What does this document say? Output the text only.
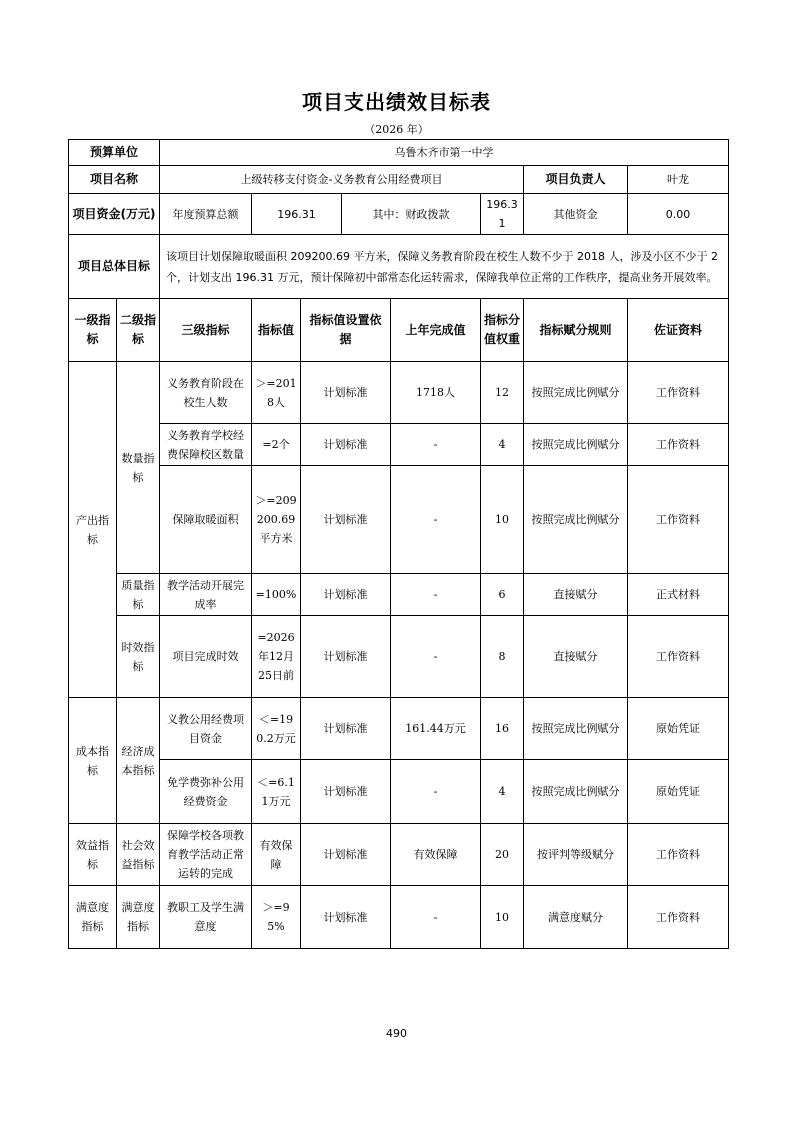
项目支出绩效目标表
（2026 年）
预算单位		乌鲁木齐市第一中学							
项目名称		上级转移支付资金-义务教育公用经费项目						项目负责人	叶龙
项目资金(万元)		年度预算总额	196.31		其中：财政拨款		196.31	其他资金	0.00
项目总体目标		该项目计划保障取暖面积 209200.69 平方米，保障义务教育阶段在校生人数不少于 2018 人，涉及小区不少于 2 个，计划支出 196.31 万元，预计保障初中部常态化运转需求，保障我单位正常的工作秩序，提高业务开展效率。							
一级指标	二级指标	三级指标	指标值	指标值设置依据		上年完成值	指标分值权重	指标赋分规则	佐证资料
产出指标	数量指标	义务教育阶段在校生人数	＞=2018人	计划标准		1718人	12	按照完成比例赋分	工作资料
		义务教育学校经费保障校区数量	=2个	计划标准		-	4	按照完成比例赋分	工作资料
		保障取暖面积	＞=209200.69平方米	计划标准		-	10	按照完成比例赋分	工作资料
	质量指标	教学活动开展完成率	=100%	计划标准		-	6	直接赋分	正式材料
	时效指标	项目完成时效	=2026年12月25日前	计划标准		-	8	直接赋分	工作资料
成本指标	经济成本指标	义教公用经费项目资金	＜=190.2万元	计划标准		161.44万元	16	按照完成比例赋分	原始凭证
		免学费弥补公用经费资金	＜=6.11万元	计划标准		-	4	按照完成比例赋分	原始凭证
效益指标	社会效益指标	保障学校各项教育教学活动正常运转的完成	有效保障	计划标准		有效保障	20	按评判等级赋分	工作资料
满意度指标	满意度指标	教职工及学生满意度	＞=95%	计划标准		-	10	满意度赋分	工作资料
490
